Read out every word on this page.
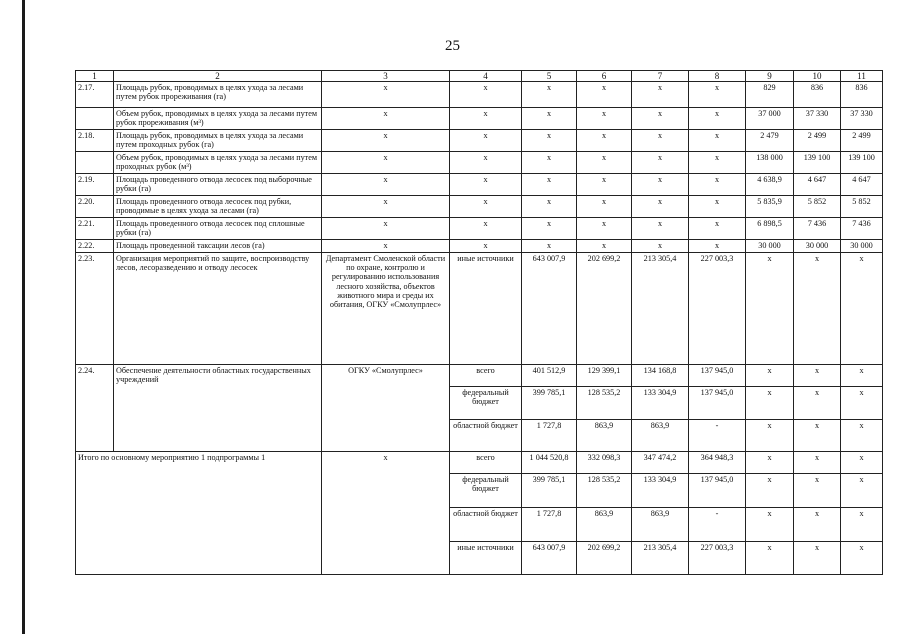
25
1	2	3	4	5	6	7	8	9	10	11
2.17.	Площадь рубок, проводимых в целях ухода за лесами путем рубок прореживания (га)	x	x	x	x	x	x	829	836	836
	Объем рубок, проводимых в целях ухода за лесами путем рубок прореживания (м³)	x	x	x	x	x	x	37 000	37 330	37 330
2.18.	Площадь рубок, проводимых в целях ухода за лесами путем проходных рубок (га)	x	x	x	x	x	x	2 479	2 499	2 499
	Объем рубок, проводимых в целях ухода за лесами путем проходных рубок (м³)	x	x	x	x	x	x	138 000	139 100	139 100
2.19.	Площадь проведенного отвода лесосек под выборочные рубки (га)	x	x	x	x	x	x	4 638,9	4 647	4 647
2.20.	Площадь проведенного отвода лесосек под рубки, проводимые в целях ухода за лесами (га)	x	x	x	x	x	x	5 835,9	5 852	5 852
2.21.	Площадь проведенного отвода лесосек под сплошные рубки (га)	x	x	x	x	x	x	6 898,5	7 436	7 436
2.22.	Площадь проведенной таксации лесов (га)	x	x	x	x	x	x	30 000	30 000	30 000
2.23.	Организация мероприятий по защите, воспроизводству лесов, лесоразведению и отводу лесосек	Департамент Смоленской области по охране, контролю и регулированию использования лесного хозяйства, объектов животного мира и среды их обитания, ОГКУ «Смолупрлес»	иные источники	643 007,9	202 699,2	213 305,4	227 003,3	x	x	x
2.24.	Обеспечение деятельности областных государственных учреждений	ОГКУ «Смолупрлес»	всего	401 512,9	129 399,1	134 168,8	137 945,0	x	x	x
			федеральный бюджет	399 785,1	128 535,2	133 304,9	137 945,0	x	x	x
			областной бюджет	1 727,8	863,9	863,9	-	x	x	x
Итого по основному мероприятию 1 подпрограммы 1		x	всего	1 044 520,8	332 098,3	347 474,2	364 948,3	x	x	x
			федеральный бюджет	399 785,1	128 535,2	133 304,9	137 945,0	x	x	x
			областной бюджет	1 727,8	863,9	863,9	-	x	x	x
			иные источники	643 007,9	202 699,2	213 305,4	227 003,3	x	x	x
